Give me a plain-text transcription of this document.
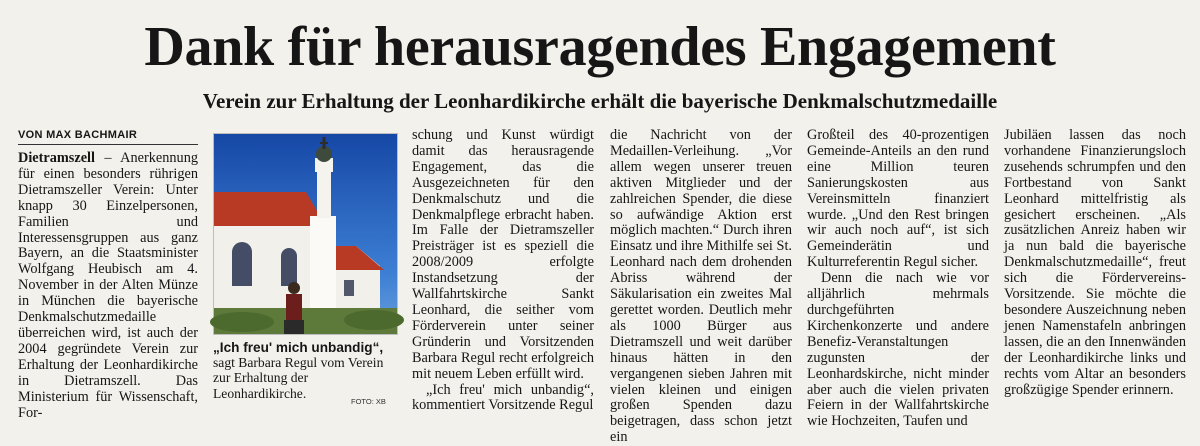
Dank für herausragendes Engagement
Verein zur Erhaltung der Leonhardikirche erhält die bayerische Denkmalschutzmedaille
VON MAX BACHMAIR

Dietramszell – Anerkennung für einen besonders rührigen Dietramszeller Verein: Unter knapp 30 Einzelpersonen, Familien und Interessensgruppen aus ganz Bayern, an die Staatsminister Wolfgang Heubisch am 4. November in der Alten Münze in München die bayerische Denkmalschutzmedaille überreichen wird, ist auch der 2004 gegründete Verein zur Erhaltung der Leonhardikirche in Dietramszell. Das Ministerium für Wissenschaft, For-

„Ich freu' mich unbandig“, sagt Barbara Regul vom Verein zur Erhaltung der Leonhardikirche.
FOTO: XB

schung und Kunst würdigt damit das herausragende Engagement, das die Ausgezeichneten für den Denkmalschutz und die Denkmalpflege erbracht haben. Im Falle der Dietramszeller Preisträger ist es speziell die 2008/2009 erfolgte Instandsetzung der Wallfahrtskirche Sankt Leonhard, die seither vom Förderverein unter seiner Gründerin und Vorsitzenden Barbara Regul recht erfolgreich mit neuem Leben erfüllt wird.

„Ich freu' mich unbandig“, kommentiert Vorsitzende Regul

die Nachricht von der Medaillen-Verleihung. „Vor allem wegen unserer treuen aktiven Mitglieder und der zahlreichen Spender, die diese so aufwändige Aktion erst möglich machten.“ Durch ihren Einsatz und ihre Mithilfe sei St. Leonhard nach dem drohenden Abriss während der Säkularisation ein zweites Mal gerettet worden. Deutlich mehr als 1000 Bürger aus Dietramszell und weit darüber hinaus hätten in den vergangenen sieben Jahren mit vielen kleinen und einigen großen Spenden dazu beigetragen, dass schon jetzt ein

Großteil des 40-prozentigen Gemeinde-Anteils an den rund eine Million teuren Sanierungskosten aus Vereinsmitteln finanziert wurde. „Und den Rest bringen wir auch noch auf“, ist sich Gemeinderätin und Kulturreferentin Regul sicher.

Denn die nach wie vor alljährlich mehrmals durchgeführten Kirchenkonzerte und andere Benefiz-Veranstaltungen zugunsten der Leonhardskirche, nicht minder aber auch die vielen privaten Feiern in der Wallfahrtskirche wie Hochzeiten, Taufen und

Jubiläen lassen das noch vorhandene Finanzierungsloch zusehends schrumpfen und den Fortbestand von Sankt Leonhard mittelfristig als gesichert erscheinen. „Als zusätzlichen Anreiz haben wir ja nun bald die bayerische Denkmalschutzmedaille“, freut sich die Fördervereins-Vorsitzende. Sie möchte die besondere Auszeichnung neben jenen Namenstafeln anbringen lassen, die an den Innenwänden der Leonhardikirche links und rechts vom Altar an besonders großzügige Spender erinnern.
